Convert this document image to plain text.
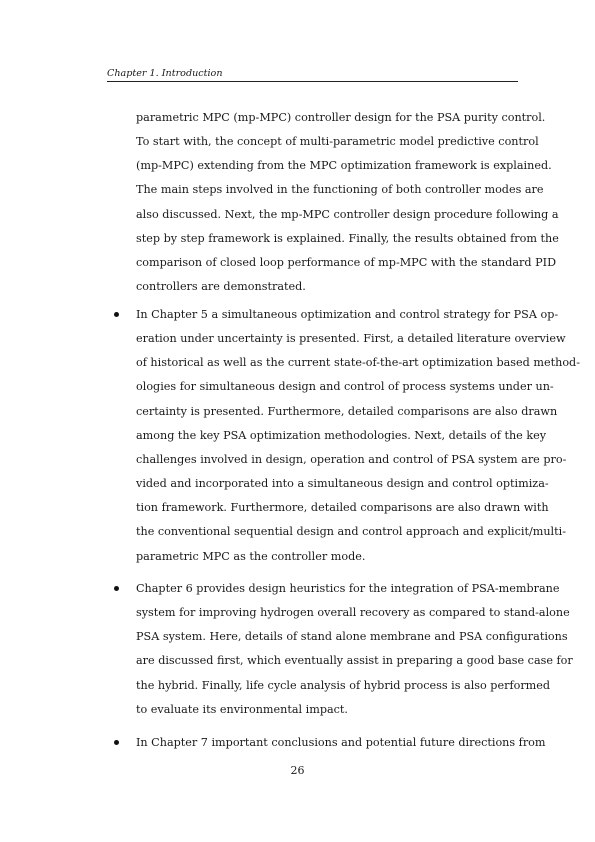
Chapter 1. Introduction
parametric MPC (mp-MPC) controller design for the PSA purity control.
To start with, the concept of multi-parametric model predictive control
(mp-MPC) extending from the MPC optimization framework is explained.
The main steps involved in the functioning of both controller modes are
also discussed. Next, the mp-MPC controller design procedure following a
step by step framework is explained. Finally, the results obtained from the
comparison of closed loop performance of mp-MPC with the standard PID
controllers are demonstrated.
In Chapter 5 a simultaneous optimization and control strategy for PSA op-
eration under uncertainty is presented. First, a detailed literature overview
of historical as well as the current state-of-the-art optimization based method-
ologies for simultaneous design and control of process systems under un-
certainty is presented. Furthermore, detailed comparisons are also drawn
among the key PSA optimization methodologies. Next, details of the key
challenges involved in design, operation and control of PSA system are pro-
vided and incorporated into a simultaneous design and control optimiza-
tion framework. Furthermore, detailed comparisons are also drawn with
the conventional sequential design and control approach and explicit/multi-
parametric MPC as the controller mode.
Chapter 6 provides design heuristics for the integration of PSA-membrane
system for improving hydrogen overall recovery as compared to stand-alone
PSA system. Here, details of stand alone membrane and PSA configurations
are discussed first, which eventually assist in preparing a good base case for
the hybrid. Finally, life cycle analysis of hybrid process is also performed
to evaluate its environmental impact.
In Chapter 7 important conclusions and potential future directions from
26
